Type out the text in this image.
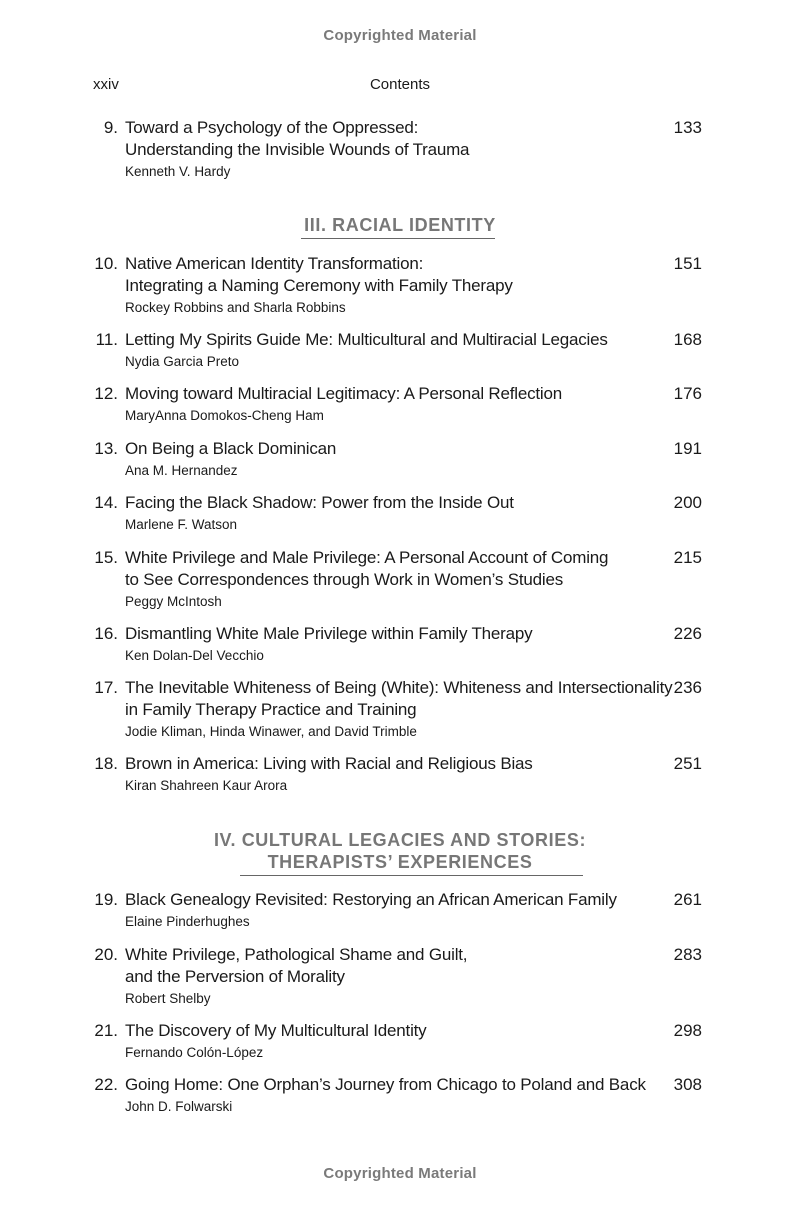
Copyrighted Material
xxiv	Contents
9. Toward a Psychology of the Oppressed:
Understanding the Invisible Wounds of Trauma
Kenneth V. Hardy
133
III. RACIAL IDENTITY
10. Native American Identity Transformation:
Integrating a Naming Ceremony with Family Therapy
Rockey Robbins and Sharla Robbins
151
11. Letting My Spirits Guide Me: Multicultural and Multiracial Legacies
Nydia Garcia Preto
168
12. Moving toward Multiracial Legitimacy: A Personal Reflection
MaryAnna Domokos-Cheng Ham
176
13. On Being a Black Dominican
Ana M. Hernandez
191
14. Facing the Black Shadow: Power from the Inside Out
Marlene F. Watson
200
15. White Privilege and Male Privilege: A Personal Account of Coming
to See Correspondences through Work in Women’s Studies
Peggy McIntosh
215
16. Dismantling White Male Privilege within Family Therapy
Ken Dolan-Del Vecchio
226
17. The Inevitable Whiteness of Being (White): Whiteness and Intersectionality
in Family Therapy Practice and Training
Jodie Kliman, Hinda Winawer, and David Trimble
236
18. Brown in America: Living with Racial and Religious Bias
Kiran Shahreen Kaur Arora
251
IV. CULTURAL LEGACIES AND STORIES:
THERAPISTS’ EXPERIENCES
19. Black Genealogy Revisited: Restorying an African American Family
Elaine Pinderhughes
261
20. White Privilege, Pathological Shame and Guilt,
and the Perversion of Morality
Robert Shelby
283
21. The Discovery of My Multicultural Identity
Fernando Colón-López
298
22. Going Home: One Orphan’s Journey from Chicago to Poland and Back
John D. Folwarski
308
Copyrighted Material
